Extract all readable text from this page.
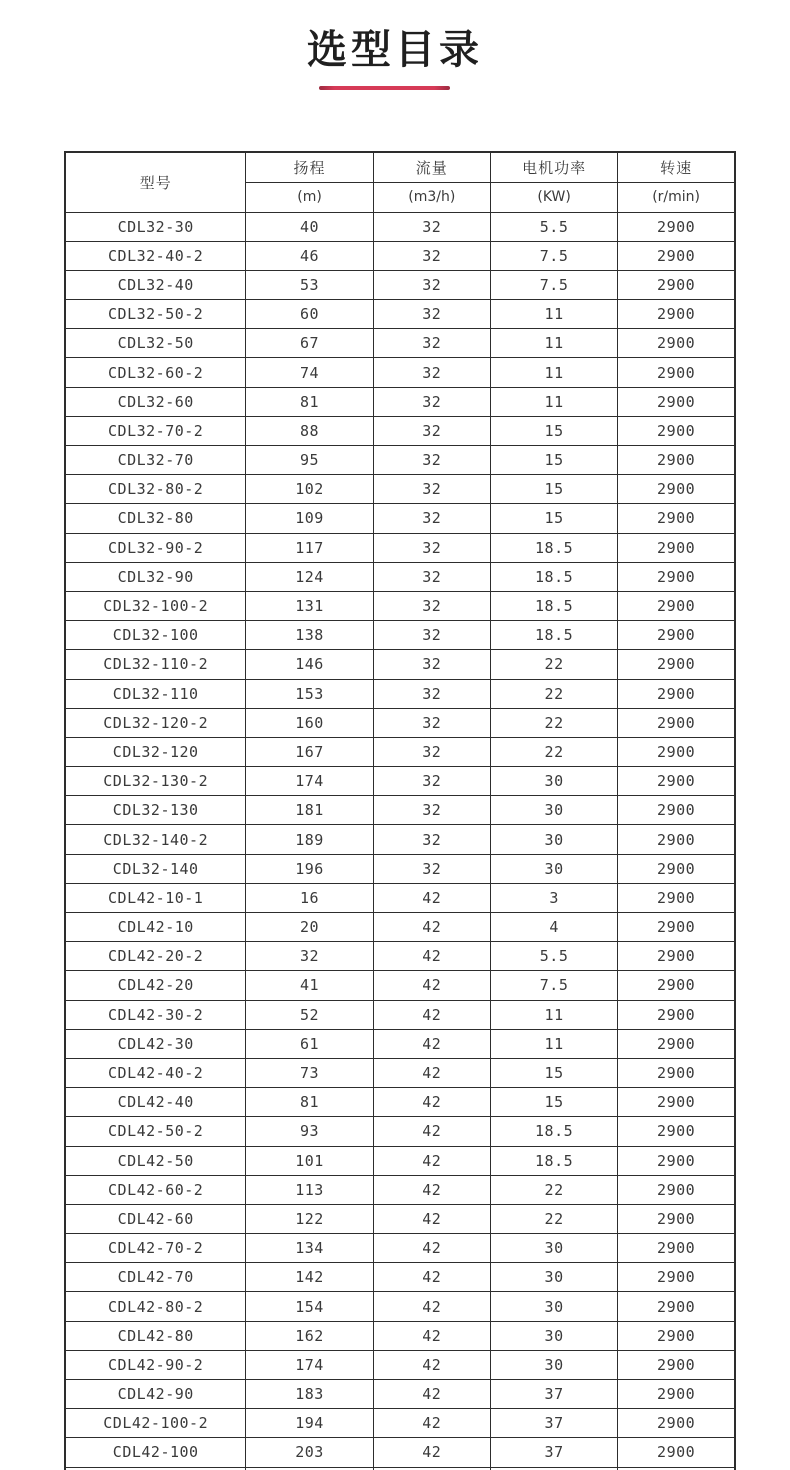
选型目录
型号	扬程	流量	电机功率	转速
	(m)	(m3/h)	(KW)	(r/min)
CDL32-30	40	32	5.5	2900
CDL32-40-2	46	32	7.5	2900
CDL32-40	53	32	7.5	2900
CDL32-50-2	60	32	11	2900
CDL32-50	67	32	11	2900
CDL32-60-2	74	32	11	2900
CDL32-60	81	32	11	2900
CDL32-70-2	88	32	15	2900
CDL32-70	95	32	15	2900
CDL32-80-2	102	32	15	2900
CDL32-80	109	32	15	2900
CDL32-90-2	117	32	18.5	2900
CDL32-90	124	32	18.5	2900
CDL32-100-2	131	32	18.5	2900
CDL32-100	138	32	18.5	2900
CDL32-110-2	146	32	22	2900
CDL32-110	153	32	22	2900
CDL32-120-2	160	32	22	2900
CDL32-120	167	32	22	2900
CDL32-130-2	174	32	30	2900
CDL32-130	181	32	30	2900
CDL32-140-2	189	32	30	2900
CDL32-140	196	32	30	2900
CDL42-10-1	16	42	3	2900
CDL42-10	20	42	4	2900
CDL42-20-2	32	42	5.5	2900
CDL42-20	41	42	7.5	2900
CDL42-30-2	52	42	11	2900
CDL42-30	61	42	11	2900
CDL42-40-2	73	42	15	2900
CDL42-40	81	42	15	2900
CDL42-50-2	93	42	18.5	2900
CDL42-50	101	42	18.5	2900
CDL42-60-2	113	42	22	2900
CDL42-60	122	42	22	2900
CDL42-70-2	134	42	30	2900
CDL42-70	142	42	30	2900
CDL42-80-2	154	42	30	2900
CDL42-80	162	42	30	2900
CDL42-90-2	174	42	30	2900
CDL42-90	183	42	37	2900
CDL42-100-2	194	42	37	2900
CDL42-100	203	42	37	2900
